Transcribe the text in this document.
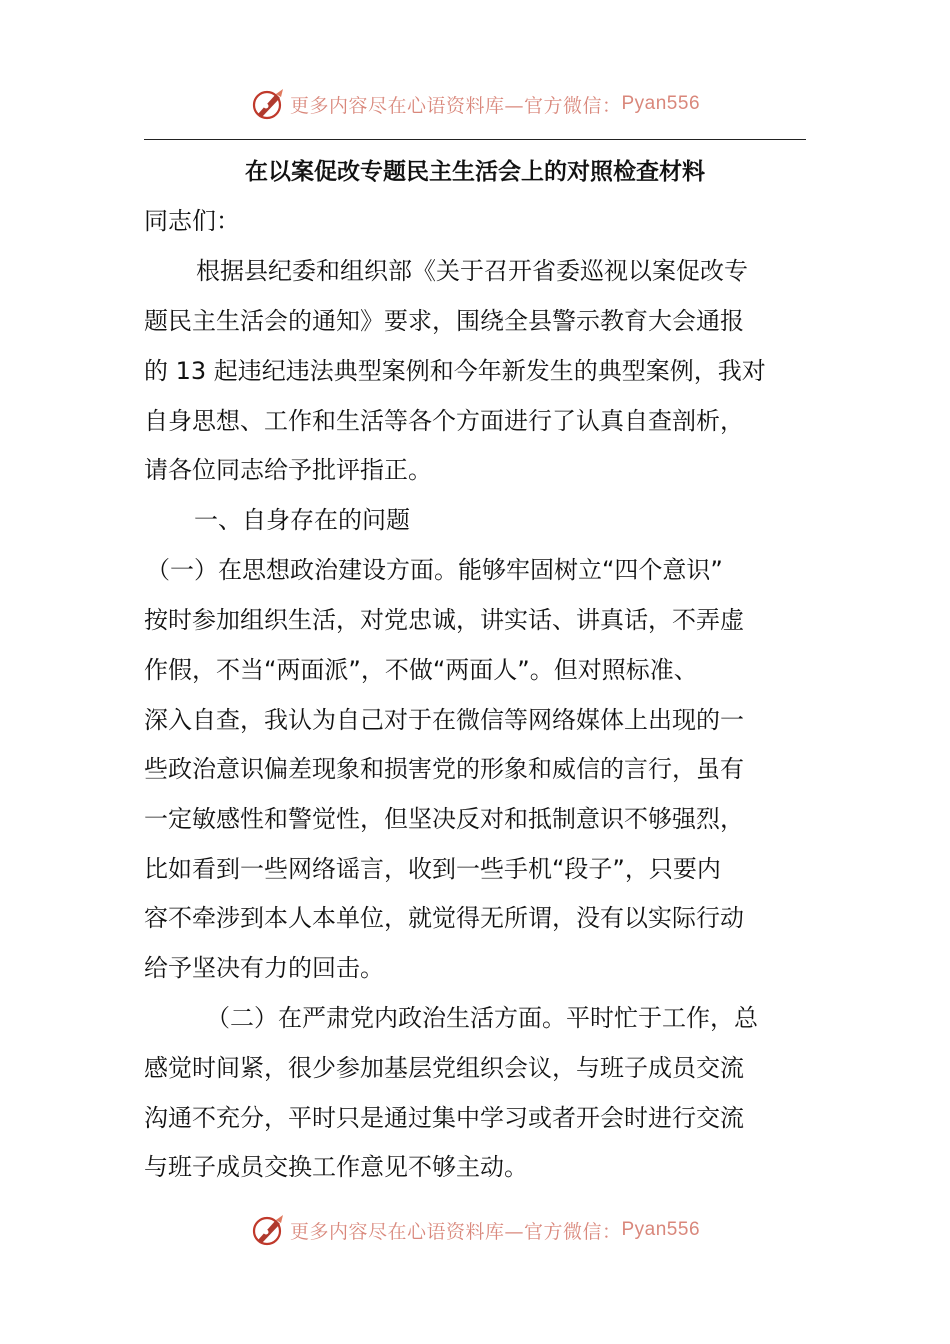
更多内容尽在心语资料库—官方微信： Pyan556
在以案促改专题民主生活会上的对照检查材料
同志们：
根据县纪委和组织部《关于召开省委巡视以案促改专
题民主生活会的通知》要求，围绕全县警示教育大会通报
的 13 起违纪违法典型案例和今年新发生的典型案例，我对
自身思想、工作和生活等各个方面进行了认真自查剖析，
请各位同志给予批评指正。
一、自身存在的问题
（一）在思想政治建设方面。能够牢固树立“四个意识”
按时参加组织生活，对党忠诚，讲实话、讲真话，不弄虚
作假，不当“两面派”，不做“两面人”。但对照标准、
深入自查，我认为自己对于在微信等网络媒体上出现的一
些政治意识偏差现象和损害党的形象和威信的言行，虽有
一定敏感性和警觉性，但坚决反对和抵制意识不够强烈，
比如看到一些网络谣言，收到一些手机“段子”，只要内
容不牵涉到本人本单位，就觉得无所谓，没有以实际行动
给予坚决有力的回击。
（二）在严肃党内政治生活方面。平时忙于工作，总
感觉时间紧，很少参加基层党组织会议，与班子成员交流
沟通不充分，平时只是通过集中学习或者开会时进行交流
与班子成员交换工作意见不够主动。
更多内容尽在心语资料库—官方微信： Pyan556
